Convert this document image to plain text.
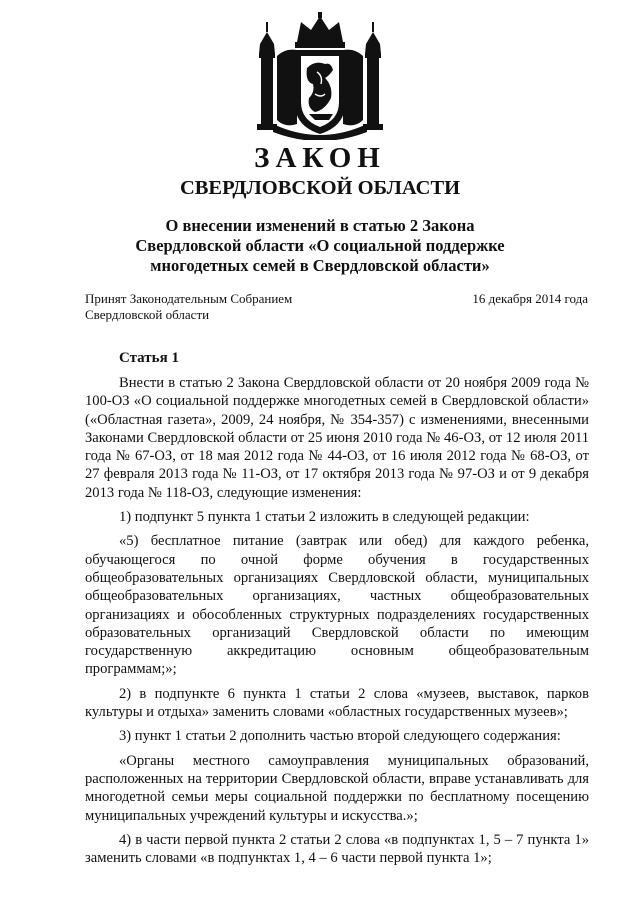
ЗАКОН
СВЕРДЛОВСКОЙ ОБЛАСТИ
О внесении изменений в статью 2 Закона
Свердловской области «О социальной поддержке
многодетных семей в Свердловской области»
Принят Законодательным Собранием
Свердловской области
16 декабря 2014 года
Статья 1

Внести в статью 2 Закона Свердловской области от 20 ноября 2009 года № 100-ОЗ «О социальной поддержке многодетных семей в Свердловской области» («Областная газета», 2009, 24 ноября, № 354-357) с изменениями, внесенными Законами Свердловской области от 25 июня 2010 года № 46-ОЗ, от 12 июля 2011 года № 67-ОЗ, от 18 мая 2012 года № 44-ОЗ, от 16 июля 2012 года № 68-ОЗ, от 27 февраля 2013 года № 11-ОЗ, от 17 октября 2013 года № 97-ОЗ и от 9 декабря 2013 года № 118-ОЗ, следующие изменения:

1) подпункт 5 пункта 1 статьи 2 изложить в следующей редакции:

«5) бесплатное питание (завтрак или обед) для каждого ребенка, обучающегося по очной форме обучения в государственных общеобразовательных организациях Свердловской области, муниципальных общеобразовательных организациях, частных общеобразовательных организациях и обособленных структурных подразделениях государственных образовательных организаций Свердловской области по имеющим государственную аккредитацию основным общеобразовательным программам;»;

2) в подпункте 6 пункта 1 статьи 2 слова «музеев, выставок, парков культуры и отдыха» заменить словами «областных государственных музеев»;

3) пункт 1 статьи 2 дополнить частью второй следующего содержания:

«Органы местного самоуправления муниципальных образований, расположенных на территории Свердловской области, вправе устанавливать для многодетной семьи меры социальной поддержки по бесплатному посещению муниципальных учреждений культуры и искусства.»;

4) в части первой пункта 2 статьи 2 слова «в подпунктах 1, 5 – 7 пункта 1» заменить словами «в подпунктах 1, 4 – 6 части первой пункта 1»;
